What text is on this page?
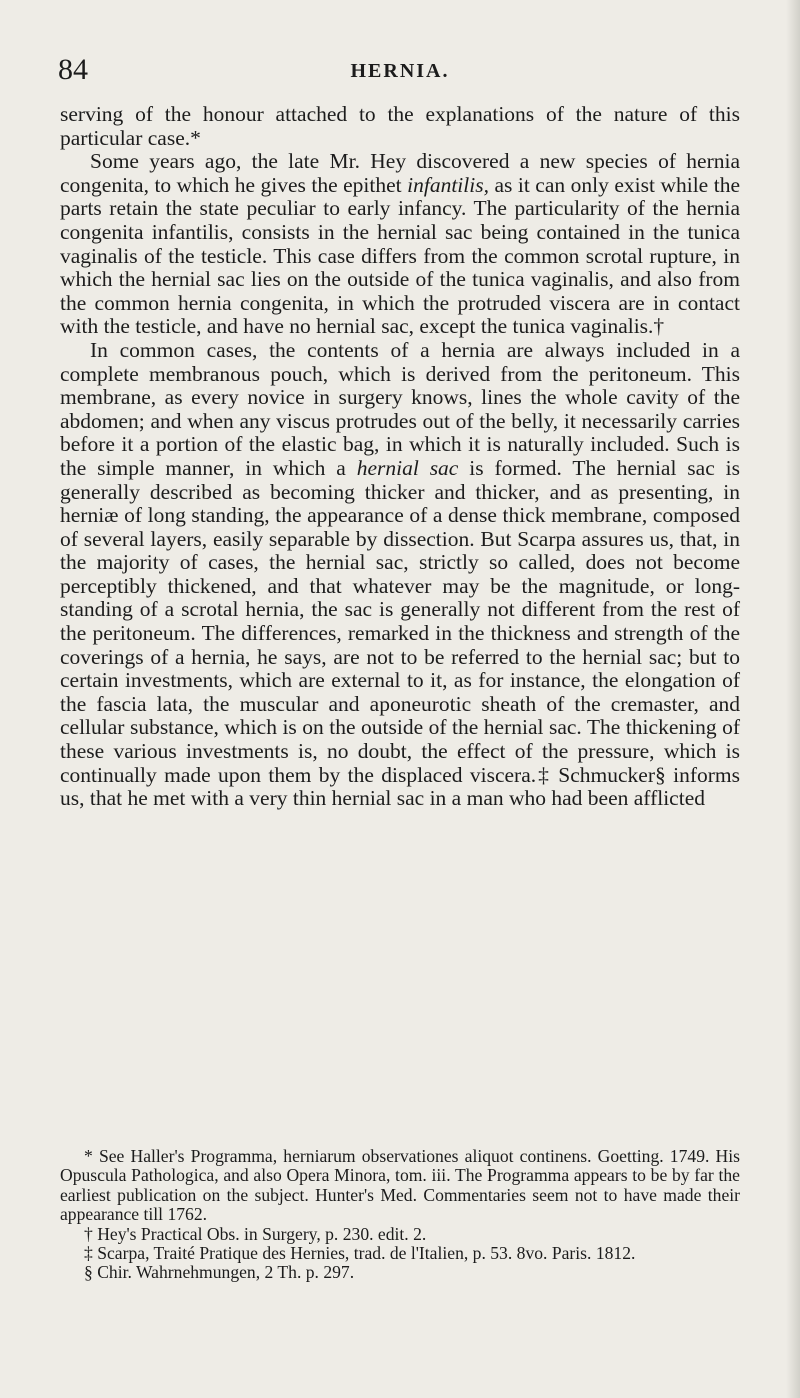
84	HERNIA.

serving of the honour attached to the explanations of the nature of this particular case.*

Some years ago, the late Mr. Hey discovered a new species of hernia congenita, to which he gives the epithet infantilis, as it can only exist while the parts retain the state peculiar to early infancy. The particularity of the hernia congenita infantilis, consists in the hernial sac being contained in the tunica vaginalis of the testicle. This case differs from the common scrotal rupture, in which the hernial sac lies on the outside of the tunica vaginalis, and also from the common hernia congenita, in which the protruded viscera are in contact with the testicle, and have no hernial sac, except the tunica vaginalis.†

In common cases, the contents of a hernia are always included in a complete membranous pouch, which is derived from the peritoneum. This membrane, as every novice in surgery knows, lines the whole cavity of the abdomen; and when any viscus protrudes out of the belly, it necessarily carries before it a portion of the elastic bag, in which it is naturally included. Such is the simple manner, in which a hernial sac is formed. The hernial sac is generally described as becoming thicker and thicker, and as presenting, in herniæ of long standing, the appearance of a dense thick membrane, composed of several layers, easily separable by dissection. But Scarpa assures us, that, in the majority of cases, the hernial sac, strictly so called, does not become perceptibly thickened, and that whatever may be the magnitude, or long-standing of a scrotal hernia, the sac is generally not different from the rest of the peritoneum. The differences, remarked in the thickness and strength of the coverings of a hernia, he says, are not to be referred to the hernial sac; but to certain investments, which are external to it, as for instance, the elongation of the fascia lata, the muscular and aponeurotic sheath of the cremaster, and cellular substance, which is on the outside of the hernial sac. The thickening of these various investments is, no doubt, the effect of the pressure, which is continually made upon them by the displaced viscera.‡ Schmucker§ informs us, that he met with a very thin hernial sac in a man who had been afflicted

* See Haller's Programma, herniarum observationes aliquot continens. Goetting. 1749. His Opuscula Pathologica, and also Opera Minora, tom. iii. The Programma appears to be by far the earliest publication on the subject. Hunter's Med. Commentaries seem not to have made their appearance till 1762.

† Hey's Practical Obs. in Surgery, p. 230. edit. 2.

‡ Scarpa, Traité Pratique des Hernies, trad. de l'Italien, p. 53. 8vo. Paris. 1812.

§ Chir. Wahrnehmungen, 2 Th. p. 297.
